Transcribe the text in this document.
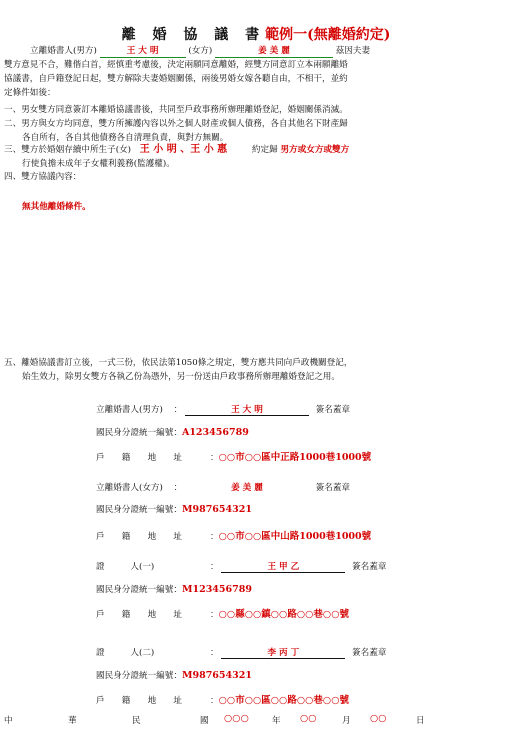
離 婚 協 議 書範例一(無離婚約定)
立離婚書人(男方)	王 大 明	(女方)	姜 美 麗	茲因夫妻
雙方意見不合，難偕白首，經慎重考慮後，決定兩願同意離婚，經雙方同意訂立本兩願離婚
協議書，自戶籍登記日起，雙方解除夫妻婚姻關係，兩後男婚女嫁各聽自由，不相干，並約
定條件如後：
一、男女雙方同意簽訂本離婚協議書後，共同至戶政事務所辦理離婚登記，婚姻關係消滅。
二、男方與女方均同意，雙方所擁護內容以外之個人財產或個人債務，各自其他名下財產歸
各自所有，各自其他債務各自清理負責，與對方無關。
三、雙方於婚姻存續中所生子(女) 王 小 明 、王 小 惠	約定歸 男方或女方或雙方
行使負擔未成年子女權利義務(監護權)。
四、雙方協議內容：
無其他離婚條件。
五、離婚協議書訂立後，一式三份，依民法第1050條之規定，雙方應共同向戶政機關登記，
始生效力，除男女雙方各執乙份為憑外，另一份送由戶政事務所辦理離婚登記之用。
立離婚書人(男方) ：	王 大 明	簽名蓋章
國民身分證統一編號：A123456789
戶　　籍　　地　　址	：○○市○○區中正路1000巷1000號
立離婚書人(女方) ：	姜 美 麗	簽名蓋章
國民身分證統一編號：M987654321
戶　　籍　　地　　址	：○○市○○區中山路1000巷1000號
證　　　人(一)	：	王 甲 乙	簽名蓋章
國民身分證統一編號：M123456789
戶　　籍　　地　　址	：○○縣○○鎮○○路○○巷○○號
證　　　人(二)	：	李 丙 丁	簽名蓋章
國民身分證統一編號：M987654321
戶　　籍　　地　　址	：○○市○○區○○路○○巷○○號
中	華	民	國 ○○○	年 ○○	月 ○○	日
